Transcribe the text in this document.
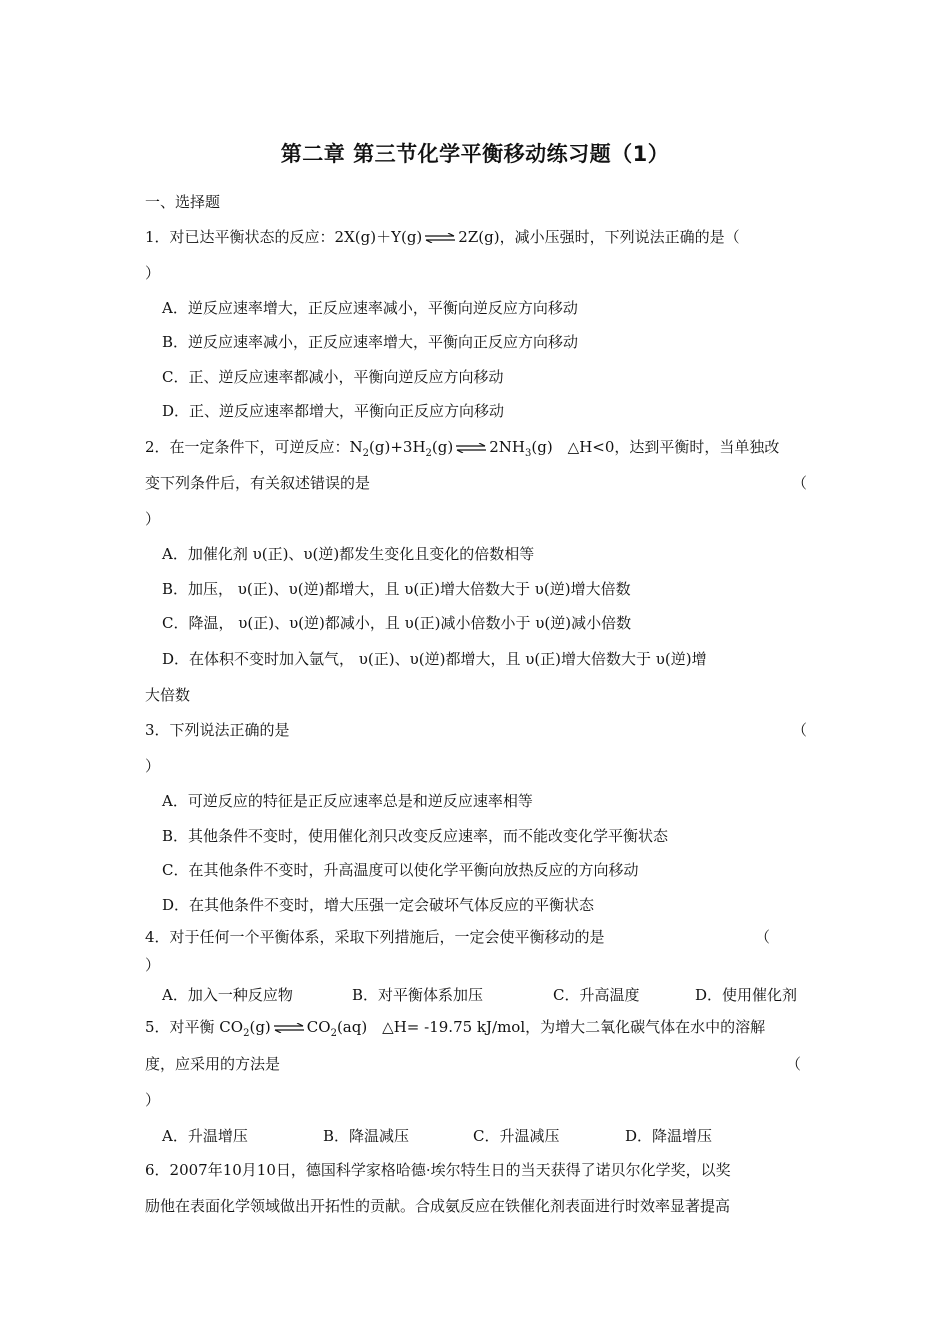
第二章 第三节化学平衡移动练习题（1）
一、选择题
1．对已达平衡状态的反应：2X(g)＋Y(g) ⇌ 2Z(g)，减小压强时，下列说法正确的是（
）
A．逆反应速率增大，正反应速率减小，平衡向逆反应方向移动
B．逆反应速率减小，正反应速率增大，平衡向正反应方向移动
C．正、逆反应速率都减小，平衡向逆反应方向移动
D．正、逆反应速率都增大，平衡向正反应方向移动
2．在一定条件下，可逆反应：$N_2(g)+3H_2(g)$ ⇌ $2NH_3(g)$　△H<0，达到平衡时，当单独改
变下列条件后，有关叙述错误的是	（
）
A．加催化剂 υ(正)、υ(逆)都发生变化且变化的倍数相等
B．加压， υ(正)、υ(逆)都增大，且 υ(正)增大倍数大于 υ(逆)增大倍数
C．降温， υ(正)、υ(逆)都减小，且 υ(正)减小倍数小于 υ(逆)减小倍数
D．在体积不变时加入氩气， υ(正)、υ(逆)都增大，且 υ(正)增大倍数大于 υ(逆)增
大倍数
3．下列说法正确的是	（
）
A．可逆反应的特征是正反应速率总是和逆反应速率相等
B．其他条件不变时，使用催化剂只改变反应速率，而不能改变化学平衡状态
C．在其他条件不变时，升高温度可以使化学平衡向放热反应的方向移动
D．在其他条件不变时，增大压强一定会破坏气体反应的平衡状态
4．对于任何一个平衡体系，采取下列措施后，一定会使平衡移动的是	（
）
A．加入一种反应物	B．对平衡体系加压	C．升高温度	D．使用催化剂
5．对平衡 $CO_2(g)$ ⇌ $CO_2(aq)$　△H= -19.75 kJ/mol，为增大二氧化碳气体在水中的溶解
度，应采用的方法是	（
）
A．升温增压	B．降温减压	C．升温减压	D．降温增压
6．2007年10月10日，德国科学家格哈德·埃尔特生日的当天获得了诺贝尔化学奖，以奖
励他在表面化学领域做出开拓性的贡献。合成氨反应在铁催化剂表面进行时效率显著提高
